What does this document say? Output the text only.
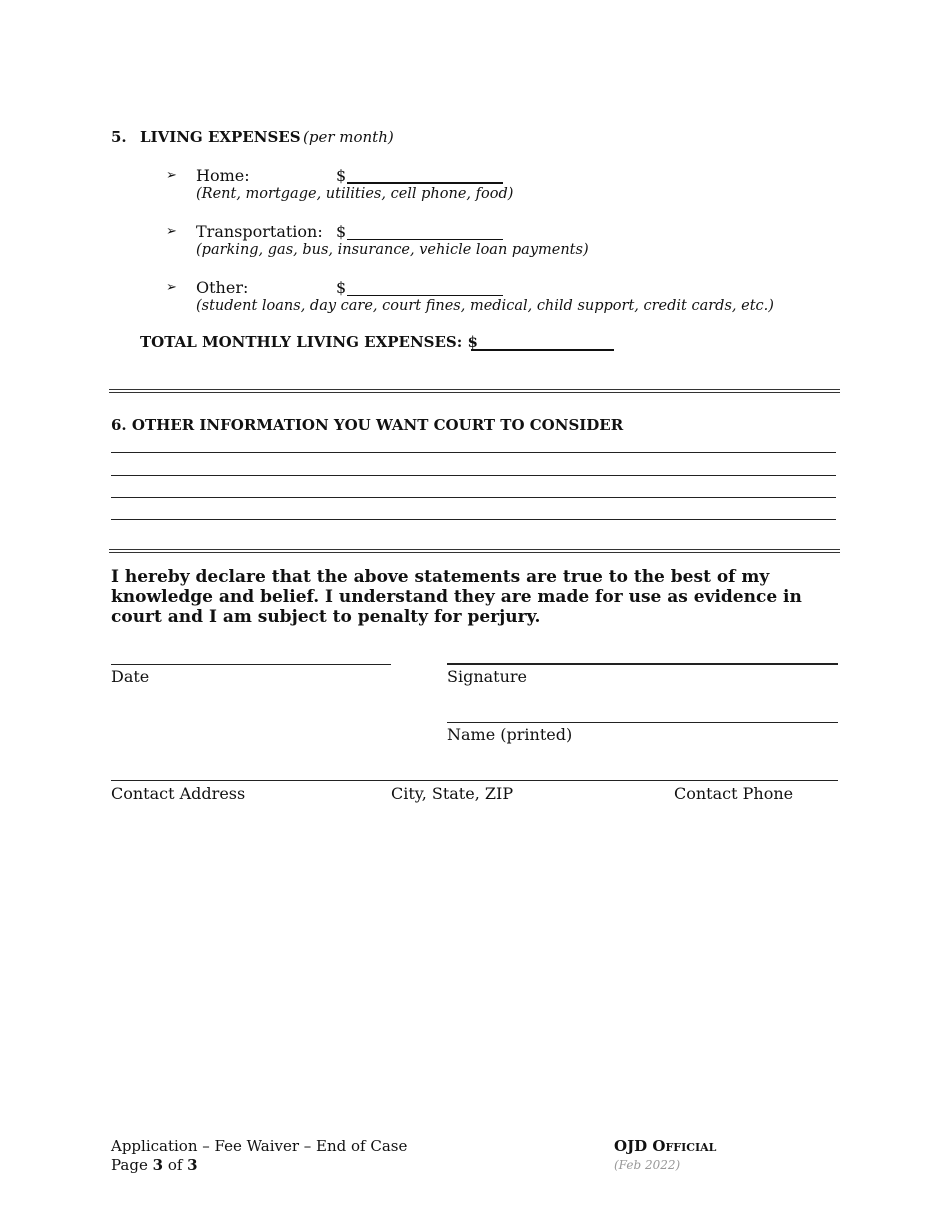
5. LIVING EXPENSES (per month)
➢ Home:	$
(Rent, mortgage, utilities, cell phone, food)
➢ Transportation: $
(parking, gas, bus, insurance, vehicle loan payments)
➢ Other:	$
(student loans, day care, court fines, medical, child support, credit cards, etc.)
TOTAL MONTHLY LIVING EXPENSES: $
6. OTHER INFORMATION YOU WANT COURT TO CONSIDER
I hereby declare that the above statements are true to the best of my knowledge and belief. I understand they are made for use as evidence in court and I am subject to penalty for perjury.
Date	Signature
Name (printed)
Contact Address	City, State, ZIP	Contact Phone
Application – Fee Waiver – End of Case
Page 3 of 3
OJD Official
(Feb 2022)
